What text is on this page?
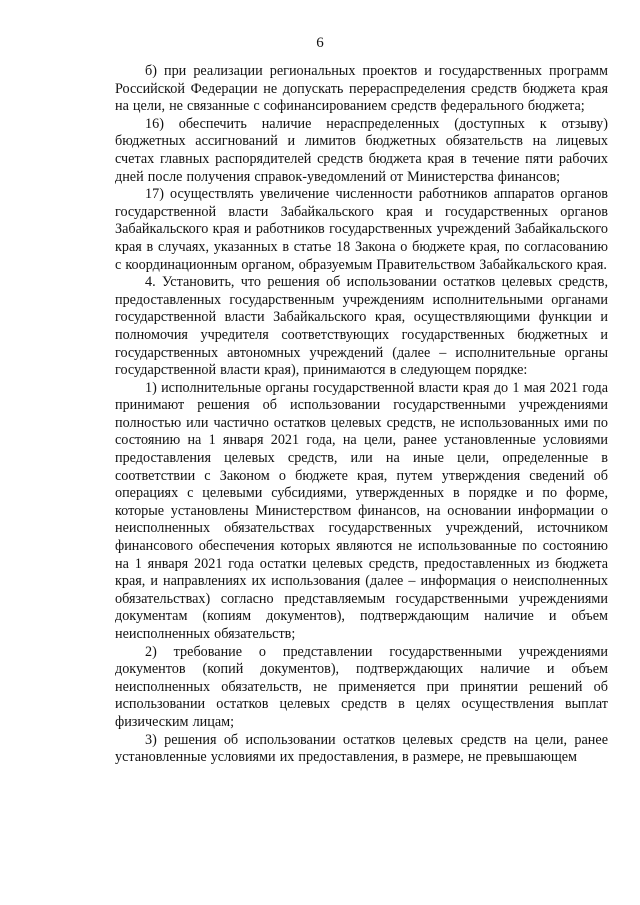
6

б) при реализации региональных проектов и государственных программ Российской Федерации не допускать перераспределения средств бюджета края на цели, не связанные с софинансированием средств федерального бюджета;

16) обеспечить наличие нераспределенных (доступных к отзыву) бюджетных ассигнований и лимитов бюджетных обязательств на лицевых счетах главных распорядителей средств бюджета края в течение пяти рабочих дней после получения справок-уведомлений от Министерства финансов;

17) осуществлять увеличение численности работников аппаратов органов государственной власти Забайкальского края и государственных органов Забайкальского края и работников государственных учреждений Забайкальского края в случаях, указанных в статье 18 Закона о бюджете края, по согласованию с координационным органом, образуемым Правительством Забайкальского края.

4. Установить, что решения об использовании остатков целевых средств, предоставленных государственным учреждениям исполнительными органами государственной власти Забайкальского края, осуществляющими функции и полномочия учредителя соответствующих государственных бюджетных и государственных автономных учреждений (далее – исполнительные органы государственной власти края), принимаются в следующем порядке:

1) исполнительные органы государственной власти края до 1 мая 2021 года принимают решения об использовании государственными учреждениями полностью или частично остатков целевых средств, не использованных ими по состоянию на 1 января 2021 года, на цели, ранее установленные условиями предоставления целевых средств, или на иные цели, определенные в соответствии с Законом о бюджете края, путем утверждения сведений об операциях с целевыми субсидиями, утвержденных в порядке и по форме, которые установлены Министерством финансов, на основании информации о неисполненных обязательствах государственных учреждений, источником финансового обеспечения которых являются не использованные по состоянию на 1 января 2021 года остатки целевых средств, предоставленных из бюджета края, и направлениях их использования (далее – информация о неисполненных обязательствах) согласно представляемым государственными учреждениями документам (копиям документов), подтверждающим наличие и объем неисполненных обязательств;

2) требование о представлении государственными учреждениями документов (копий документов), подтверждающих наличие и объем неисполненных обязательств, не применяется при принятии решений об использовании остатков целевых средств в целях осуществления выплат физическим лицам;

3) решения об использовании остатков целевых средств на цели, ранее установленные условиями их предоставления, в размере, не превышающем
